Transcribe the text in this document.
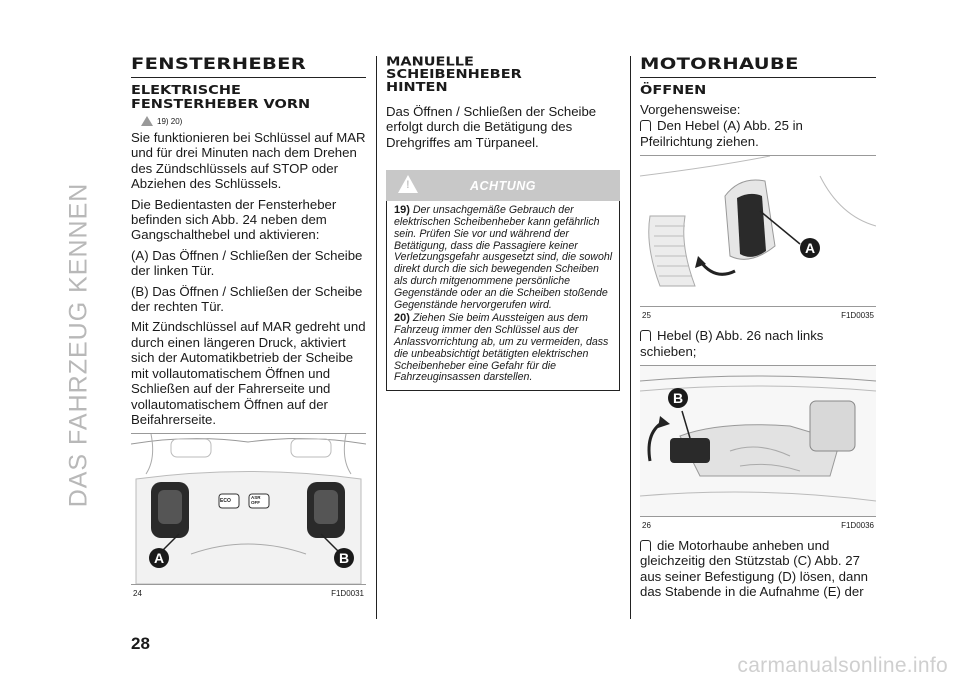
DAS FAHRZEUG KENNEN
FENSTERHEBER
ELEKTRISCHE FENSTERHEBER VORN
19) 20)

Sie funktionieren bei Schlüssel auf MAR und für drei Minuten nach dem Drehen des Zündschlüssels auf STOP oder Abziehen des Schlüssels.

Die Bedientasten der Fensterheber befinden sich Abb. 24 neben dem Gangschalthebel und aktivieren:

(A) Das Öffnen / Schließen der Scheibe der linken Tür.

(B) Das Öffnen / Schließen der Scheibe der rechten Tür.

Mit Zündschlüssel auf MAR gedreht und durch einen längeren Druck, aktiviert sich der Automatikbetrieb der Scheibe mit vollautomatischem Öffnen und Schließen auf der Fahrerseite und vollautomatischem Öffnen auf der Beifahrerseite.

ECO
ASR
OFF
A	B
24	F1D0031
MANUELLE SCHEIBENHEBER HINTEN

Das Öffnen / Schließen der Scheibe erfolgt durch die Betätigung des Drehgriffes am Türpaneel.

!
ACHTUNG

19) Der unsachgemäße Gebrauch der elektrischen Scheibenheber kann gefährlich sein. Prüfen Sie vor und während der Betätigung, dass die Passagiere keiner Verletzungsgefahr ausgesetzt sind, die sowohl direkt durch die sich bewegenden Scheiben als durch mitgenommene persönliche Gegenstände oder an die Scheiben stoßende Gegenstände hervorgerufen wird.

20) Ziehen Sie beim Aussteigen aus dem Fahrzeug immer den Schlüssel aus der Anlassvorrichtung ab, um zu vermeiden, dass die unbeabsichtigt betätigten elektrischen Scheibenheber eine Gefahr für die Fahrzeuginsassen darstellen.

MOTORHAUBE
ÖFFNEN

Vorgehensweise:

Den Hebel (A) Abb. 25 in Pfeilrichtung ziehen.

A
25	F1D0035

Hebel (B) Abb. 26 nach links schieben;

B
26	F1D0036

die Motorhaube anheben und gleichzeitig den Stützstab (C) Abb. 27 aus seiner Befestigung (D) lösen, dann das Stabende in die Aufnahme (E) der

28
carmanualsonline.info
